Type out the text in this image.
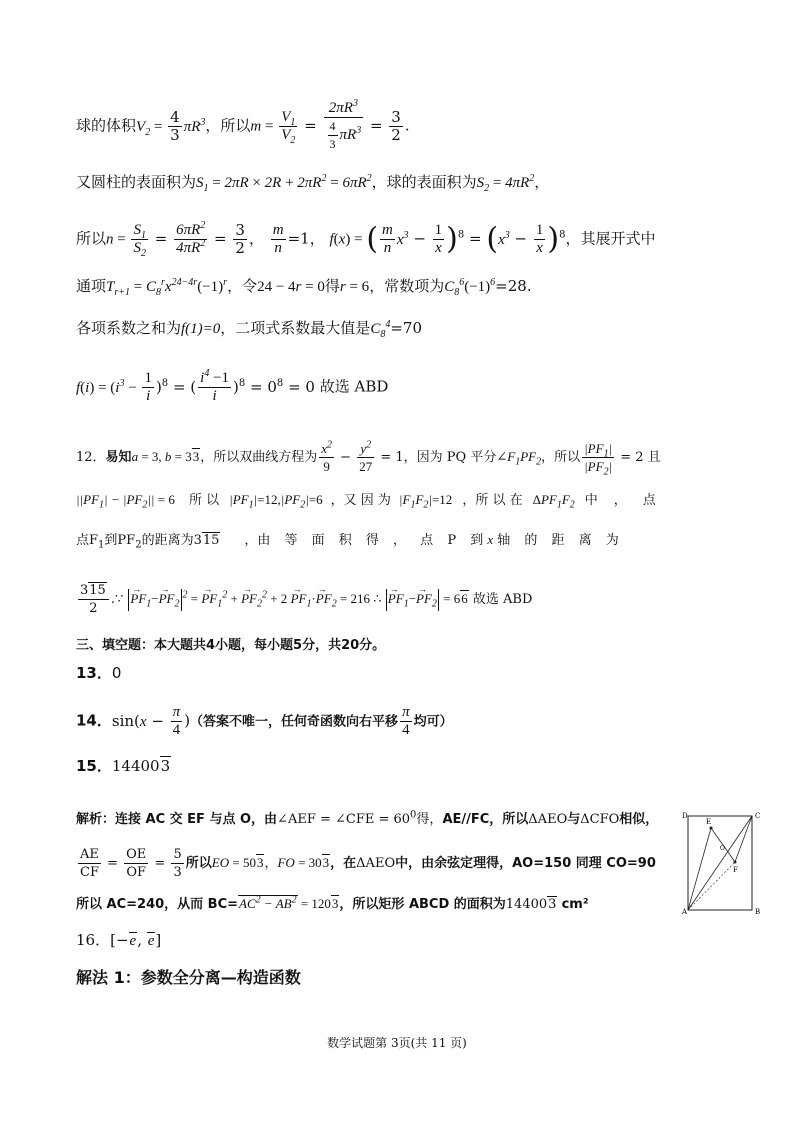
球的体积$V_2 = \frac{4}{3} \pi R^3$，所以$m = \frac{V_1}{V_2} = \frac{2\pi R^3}{\frac{4}{3} \pi R^3} = \frac{3}{2}$ .
又圆柱的表面积为$S_1 = 2\pi R \times 2R + 2\pi R^2 = 6\pi R^2$，球的表面积为$S_2 = 4\pi R^2$，
所以$n = \frac{S_1}{S_2} = \frac{6\pi R^2}{4\pi R^2} = \frac{3}{2}$ ， $\frac{m}{n} =1$， f(x) = ( $\frac{m}{n} x^3 - \frac{1}{x} )^8 = (x^3 - \frac{1}{x} )^8$，其展开式中
通项$T_{r+1} = C_8^rx^{24-4r}(-1)^r$，令24 − 4r = 0得r = 6，常数项为$C_8^6(-1)^6=28$.
各项系数之和为f(1)=0，二项式系数最大值是$C_8^4=70$
$f(i) = (i^3 - \frac{1}{i} )^8$ = ( $\frac{i^4 -1}{i} )^8 = 0^8 = 0$ 故选 ABD
12．易知a = 3, b = 33，所以双曲线方程为 $\frac{x^2}{9} - \frac{y^2}{27} = 1$，因为 PQ 平分$\angle F_1PF_2$，所以 $\frac{|PF_1|}{|PF_2|} = 2$ 且
$||PF_1| - |PF_2|| = 6$ 所 以 $|PF_1|=12,|PF_2|=6$ ，又 因 为 $|F_1F_2|=12$ ，所 以 在 $\Delta PF_1F_2$ 中，点
点$F_1$到$PF_2$的距离为315 ，由 等 面 积 得 ， 点 P 到 x 轴 的 距 离 为
$\frac{315}{2}$ .∵ → $PF_1-\to PF_2^2$ = → $PF_1^2$ + → $PF_2^2 + 2 \to PF_1\cdot\to PF_2 = 216$ ∴ → $PF_1-\to PF_2 = 66$ 故选 ABD
三、填空题：本大题共4小题，每小题5分，共20分。
13．0
14．$\sin(x - \frac{\pi}{4}$ )（答案不唯一，任何奇函数向右平移 $\frac{\pi}{4}$ 均可）
15．144003
解析：连接 AC 交 EF 与点 O，由∠AEF = ∠CFE = $60^0$得，AE//FC，所以ΔAEO与ΔCFO相似，
$\frac{AE}{CF} = \frac{OE}{OF} = \frac{5}{3}$ 所以EO = 503，FO = 303，在ΔAEO中，由余弦定理得，AO=150 同理 CO=90
所以 AC=240，从而 $BC=AC^2 - AB^2 = 1203$，所以矩形 ABCD 的面积为144003 cm²
D	C
A	B
E
F
O
16．[−e, e]
解法 1：参数全分离—构造函数
数学试题第 3页(共 11 页)
